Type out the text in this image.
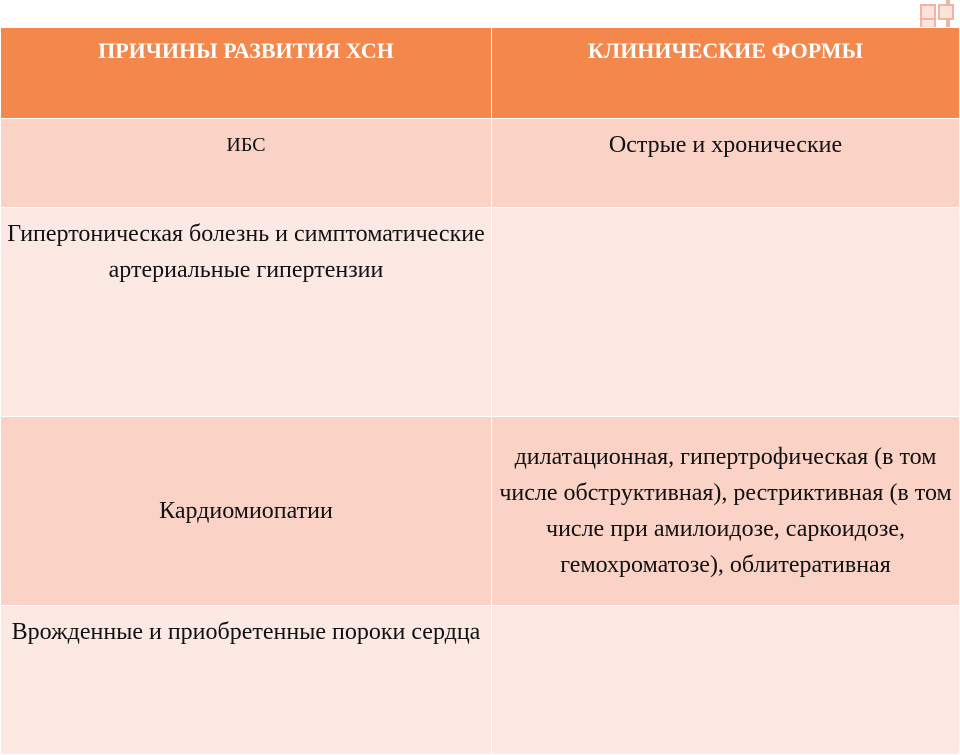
ПРИЧИНЫ РАЗВИТИЯ ХСН	КЛИНИЧЕСКИЕ ФОРМЫ
ИБС	Острые и хронические
Гипертоническая болезнь и симптоматические артериальные гипертензии	
Кардиомиопатии	дилатационная, гипертрофическая (в том числе обструктивная), рестриктивная (в том числе при амилоидозе, саркоидозе, гемохроматозе), облитеративная
Врожденные и приобретенные пороки сердца	
